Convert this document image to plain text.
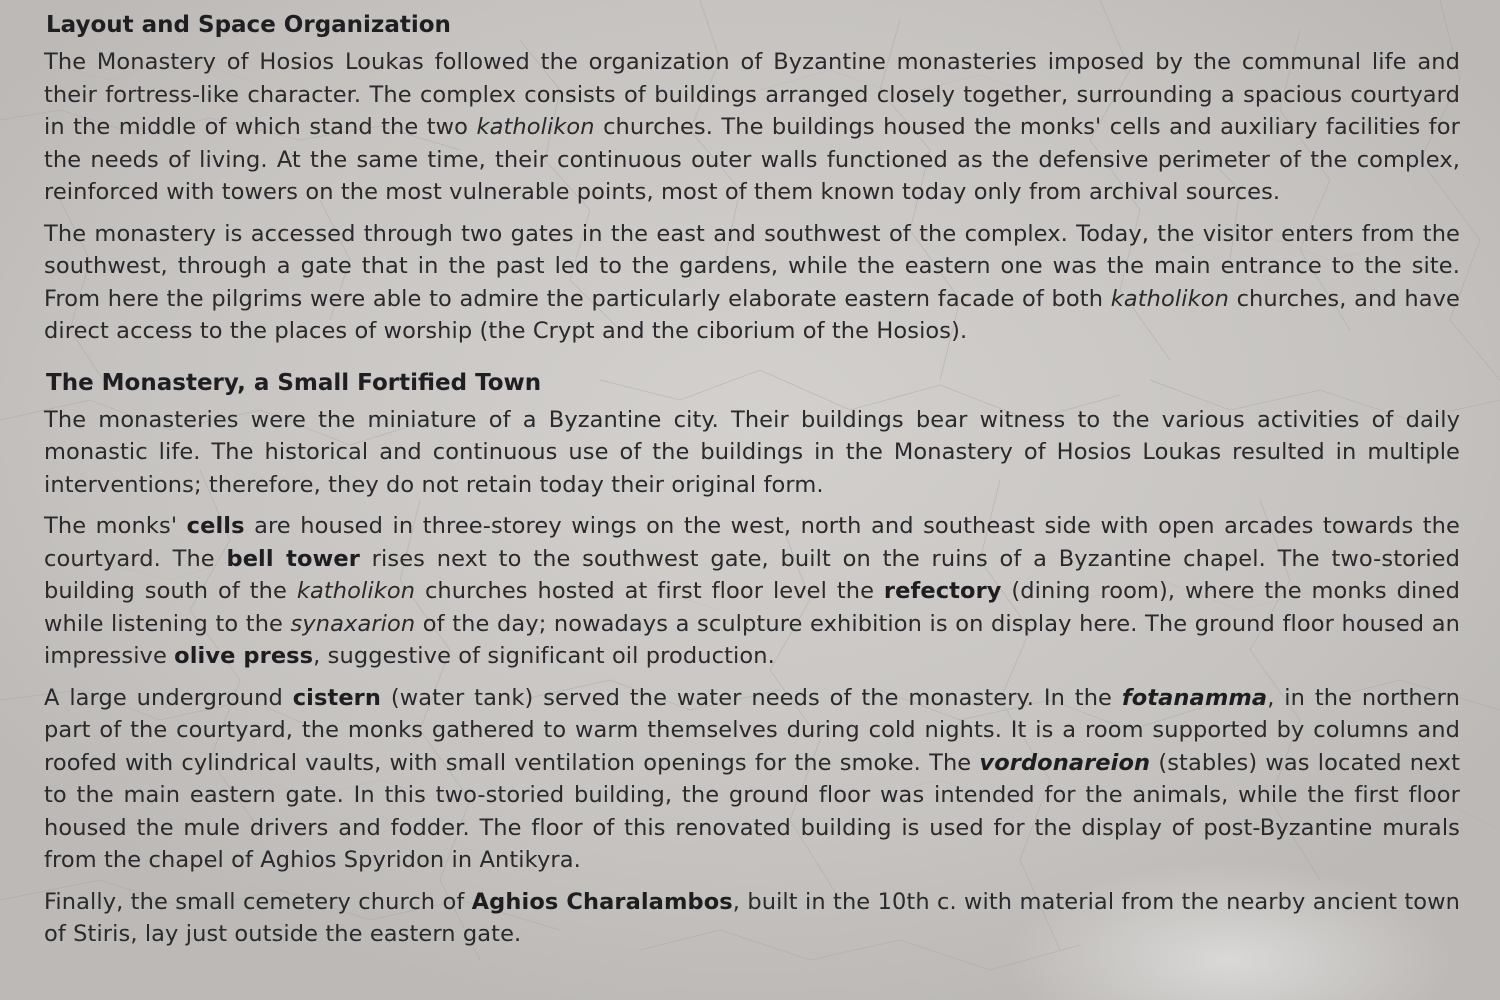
Layout and Space Organization

The Monastery of Hosios Loukas followed the organization of Byzantine monasteries imposed by the communal life and their fortress-like character. The complex consists of buildings arranged closely together, surrounding a spacious courtyard in the middle of which stand the two katholikon churches. The buildings housed the monks' cells and auxiliary facilities for the needs of living. At the same time, their continuous outer walls functioned as the defensive perimeter of the complex, reinforced with towers on the most vulnerable points, most of them known today only from archival sources.

The monastery is accessed through two gates in the east and southwest of the complex. Today, the visitor enters from the southwest, through a gate that in the past led to the gardens, while the eastern one was the main entrance to the site. From here the pilgrims were able to admire the particularly elaborate eastern facade of both katholikon churches, and have direct access to the places of worship (the Crypt and the ciborium of the Hosios).

The Monastery, a Small Fortified Town

The monasteries were the miniature of a Byzantine city. Their buildings bear witness to the various activities of daily monastic life. The historical and continuous use of the buildings in the Monastery of Hosios Loukas resulted in multiple interventions; therefore, they do not retain today their original form.

The monks' cells are housed in three-storey wings on the west, north and southeast side with open arcades towards the courtyard. The bell tower rises next to the southwest gate, built on the ruins of a Byzantine chapel. The two-storied building south of the katholikon churches hosted at first floor level the refectory (dining room), where the monks dined while listening to the synaxarion of the day; nowadays a sculpture exhibition is on display here. The ground floor housed an impressive olive press, suggestive of significant oil production.

A large underground cistern (water tank) served the water needs of the monastery. In the fotanamma, in the northern part of the courtyard, the monks gathered to warm themselves during cold nights. It is a room supported by columns and roofed with cylindrical vaults, with small ventilation openings for the smoke. The vordonareion (stables) was located next to the main eastern gate. In this two-storied building, the ground floor was intended for the animals, while the first floor housed the mule drivers and fodder. The floor of this renovated building is used for the display of post-Byzantine murals from the chapel of Aghios Spyridon in Antikyra.

Finally, the small cemetery church of Aghios Charalambos, built in the 10th c. with material from the nearby ancient town of Stiris, lay just outside the eastern gate.
